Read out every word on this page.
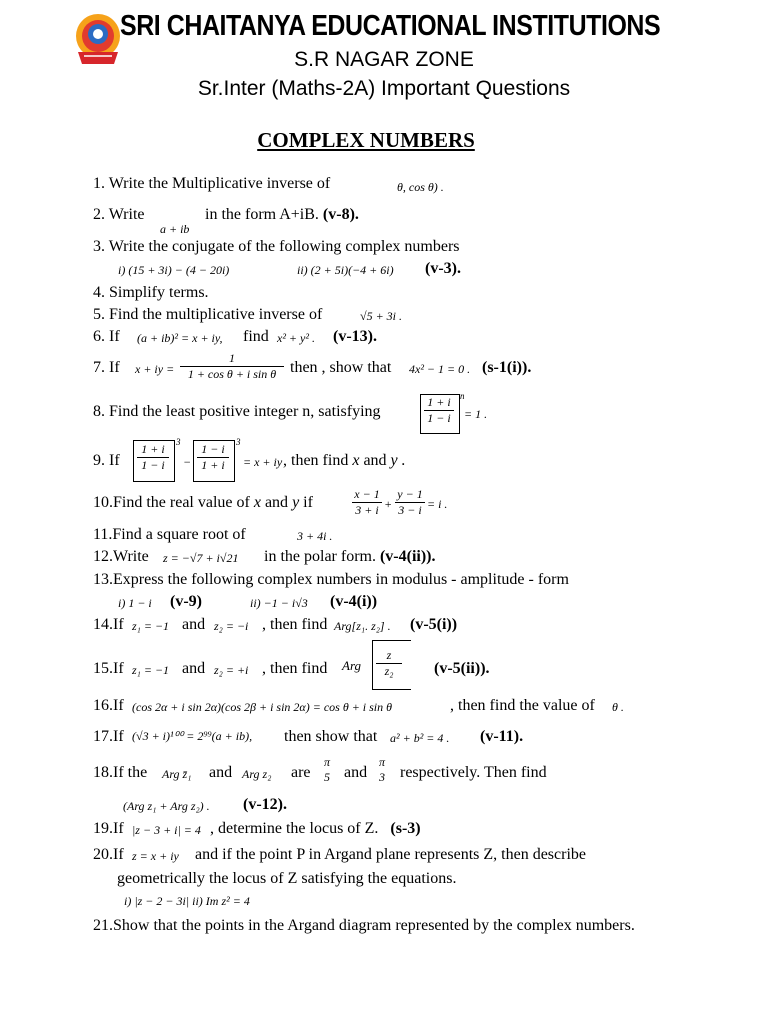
SRI CHAITANYA EDUCATIONAL INSTITUTIONS
S.R NAGAR ZONE
Sr.Inter (Maths-2A) Important Questions
COMPLEX NUMBERS
1. Write the Multiplicative inverse of	θ, cos θ) .
2. Write
a + ib
in the form A+iB. (v-8).
3. Write the conjugate of the following complex numbers
i) (15 + 3i) − (4 − 20i)	ii) (2 + 5i)(−4 + 6i) (v-3).
4. Simplify terms.
5. Find the multiplicative inverse of	√5 + 3i .
6. If (a + ib)² = x + iy, find x² + y² . (v-13).
7. If x + iy = $\frac{1}{\text{1 + cos θ + i sin θ}}$ then , show that 4x² − 1 = 0 . (s-1(i)).
8. Find the least positive integer n, satisfying	$\frac{1 + i}{1 - i}$ n
= 1 .
9. If $\frac{1 + i}{1 - i} 3$
− $\frac{1 - i}{1 + i} 3$
= x + iy , then find x and y .
10.Find the real value of x and y if	$\frac{x - 1}{3 + i} + \frac{y - 1}{3 - i} = i$ .
11.Find a square root of	3 + 4i .
12.Write z = −√7 + i√21 in the polar form. (v-4(ii)).
13.Express the following complex numbers in modulus - amplitude - form
i) 1 − i (v-9)	ii) −1 − i√3 (v-4(i))
14.If z₁ = −1 and z₂ = −i , then find Arg[z₁. z₂] . (v-5(i))
15.If z₁ = −1 and z₂ = +i , then find Arg $\frac{z}{\text{z₂}} (v-5(ii))$.
16.If (cos 2α + i sin 2α)(cos 2β + i sin 2α) = cos θ + i sin θ	, then find the value of θ .
17.If (√3 + i)¹⁰⁰ = 2⁹⁹(a + ib), then show that a² + b² = 4 . (v-11).
18.If the Arg z̄₁ and Arg z₂ are
π
5 and
π
3 respectively. Then find
(Arg z₁ + Arg z₂) . (v-12).
19.If |z − 3 + i| = 4 , determine the locus of Z. (s-3)
20.If z = x + iy and if the point P in Argand plane represents Z, then describe
geometrically the locus of Z satisfying the equations.
i) |z − 2 − 3i| ii) Im z² = 4
21.Show that the points in the Argand diagram represented by the complex numbers.
